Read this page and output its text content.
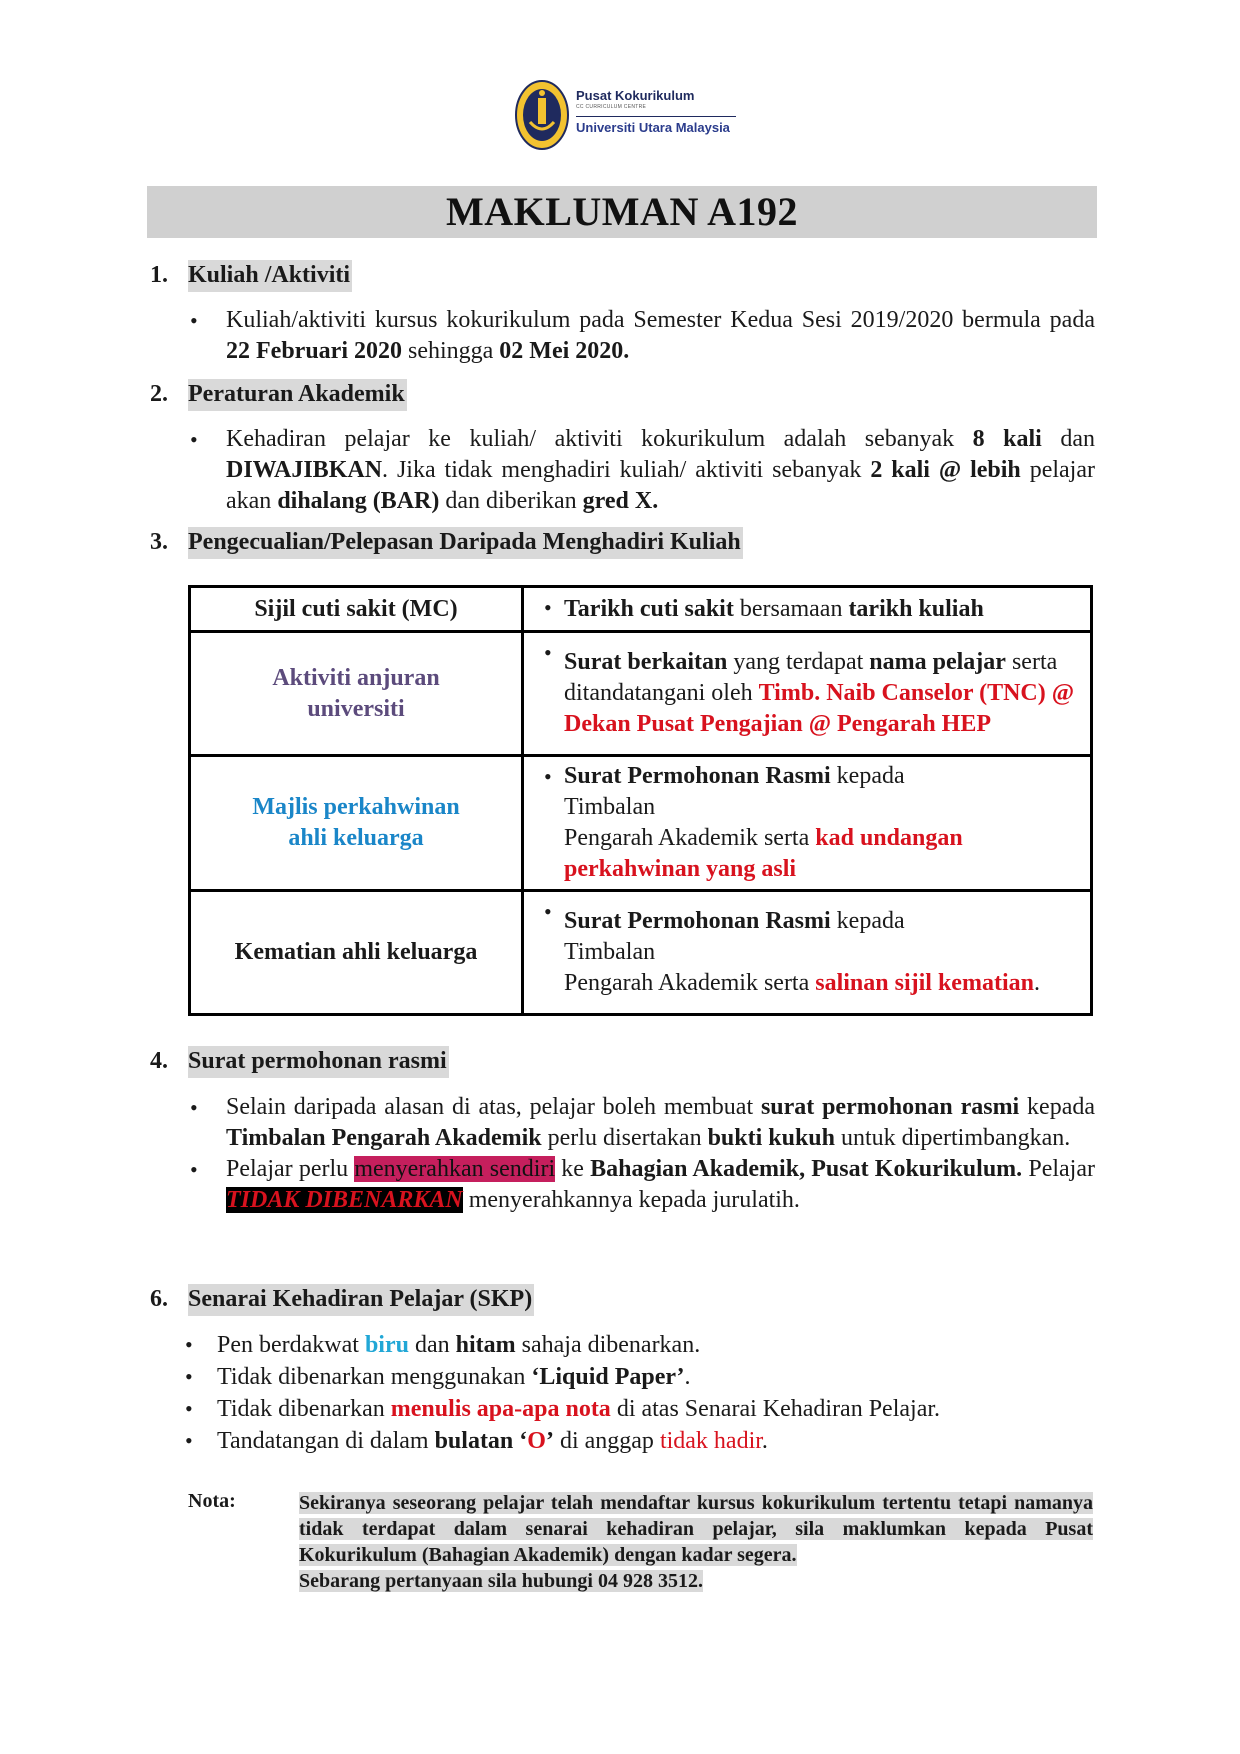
Pusat Kokurikulum
CC CURRICULUM CENTRE
Universiti Utara Malaysia
MAKLUMAN A192
1. Kuliah /Aktiviti
• Kuliah/aktiviti kursus kokurikulum pada Semester Kedua Sesi 2019/2020 bermula pada 22 Februari 2020 sehingga 02 Mei 2020.
2. Peraturan Akademik
• Kehadiran pelajar ke kuliah/ aktiviti kokurikulum adalah sebanyak 8 kali dan DIWAJIBKAN. Jika tidak menghadiri kuliah/ aktiviti sebanyak 2 kali @ lebih pelajar akan dihalang (BAR) dan diberikan gred X.
3. Pengecualian/Pelepasan Daripada Menghadiri Kuliah
Sijil cuti sakit (MC)	• Tarikh cuti sakit bersamaan tarikh kuliah

Aktiviti anjuran
universiti	• Surat berkaitan yang terdapat nama pelajar serta ditandatangani oleh Timb. Naib Canselor (TNC) @ Dekan Pusat Pengajian @ Pengarah HEP

Majlis perkahwinan
ahli keluarga	• Surat Permohonan Rasmi kepada
Timbalan
Pengarah Akademik serta kad undangan perkahwinan yang asli
Kematian ahli keluarga	• Surat Permohonan Rasmi kepada
Timbalan
Pengarah Akademik serta salinan sijil kematian.
4. Surat permohonan rasmi
• Selain daripada alasan di atas, pelajar boleh membuat surat permohonan rasmi kepada Timbalan Pengarah Akademik perlu disertakan bukti kukuh untuk dipertimbangkan.
• Pelajar perlu menyerahkan sendiri ke Bahagian Akademik, Pusat Kokurikulum. Pelajar TIDAK DIBENARKAN menyerahkannya kepada jurulatih.
6. Senarai Kehadiran Pelajar (SKP)
• Pen berdakwat biru dan hitam sahaja dibenarkan.
• Tidak dibenarkan menggunakan ‘Liquid Paper’.
• Tidak dibenarkan menulis apa-apa nota di atas Senarai Kehadiran Pelajar.
• Tandatangan di dalam bulatan ‘O’ di anggap tidak hadir.
Nota:	Sekiranya seseorang pelajar telah mendaftar kursus kokurikulum tertentu tetapi namanya tidak terdapat dalam senarai kehadiran pelajar, sila maklumkan kepada Pusat Kokurikulum (Bahagian Akademik) dengan kadar segera.
Sebarang pertanyaan sila hubungi 04 928 3512.
